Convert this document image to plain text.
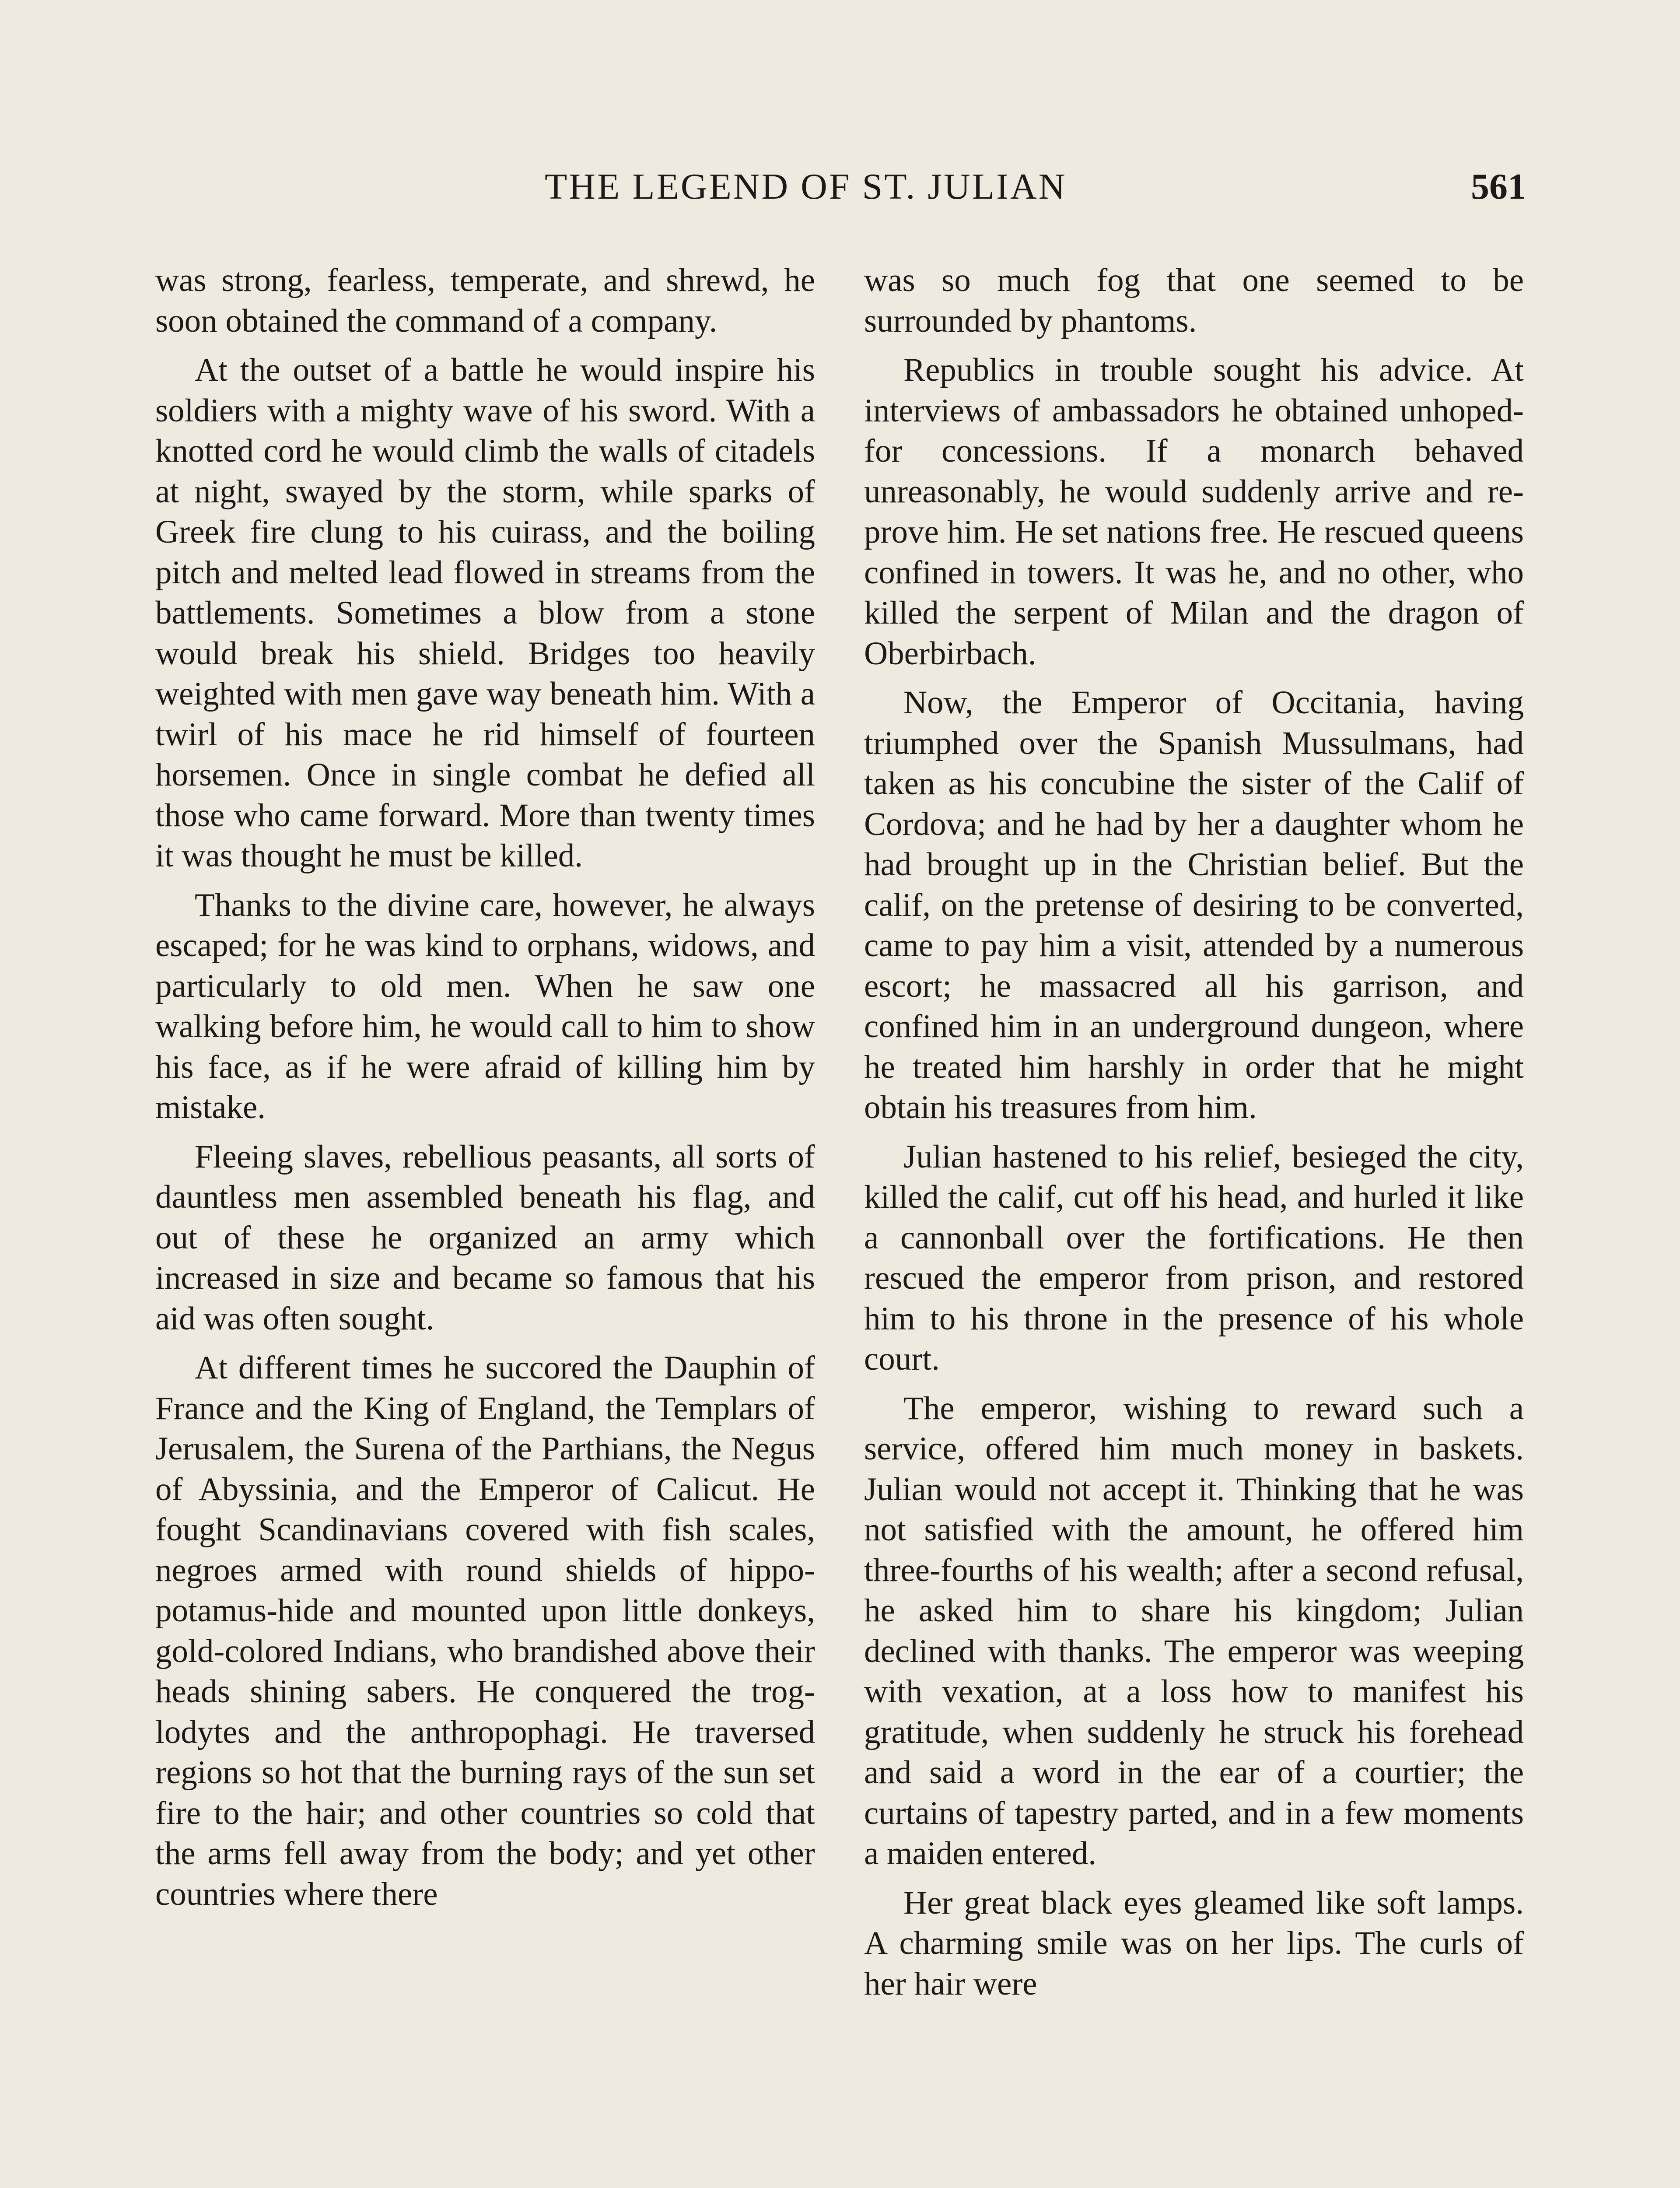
THE LEGEND OF ST. JULIAN	561

was strong, fearless, temperate, and shrewd, he soon obtained the command of a company.

At the outset of a battle he would inspire his soldiers with a mighty wave of his sword. With a knotted cord he would climb the walls of citadels at night, swayed by the storm, while sparks of Greek fire clung to his cuirass, and the boiling pitch and melted lead flowed in streams from the battlements. Sometimes a blow from a stone would break his shield. Bridges too heavily weighted with men gave way beneath him. With a twirl of his mace he rid himself of fourteen horsemen. Once in single combat he defied all those who came forward. More than twenty times it was thought he must be killed.

Thanks to the divine care, however, he always escaped; for he was kind to orphans, widows, and particularly to old men. When he saw one walking before him, he would call to him to show his face, as if he were afraid of killing him by mistake.

Fleeing slaves, rebellious peasants, all sorts of dauntless men assembled beneath his flag, and out of these he organized an army which increased in size and became so famous that his aid was often sought.

At different times he succored the Dauphin of France and the King of England, the Templars of Jerusalem, the Surena of the Parthians, the Negus of Abyssinia, and the Emperor of Calicut. He fought Scandinavians covered with fish scales, negroes armed with round shields of hippopotamus-hide and mounted upon little donkeys, gold-colored Indians, who brandished above their heads shining sabers. He conquered the troglodytes and the anthropophagi. He traversed regions so hot that the burning rays of the sun set fire to the hair; and other countries so cold that the arms fell away from the body; and yet other countries where there

was so much fog that one seemed to be surrounded by phantoms.

Republics in trouble sought his advice. At interviews of ambassadors he obtained unhoped-for concessions. If a monarch behaved unreasonably, he would suddenly arrive and reprove him. He set nations free. He rescued queens confined in towers. It was he, and no other, who killed the serpent of Milan and the dragon of Oberbirbach.

Now, the Emperor of Occitania, having triumphed over the Spanish Mussulmans, had taken as his concubine the sister of the Calif of Cordova; and he had by her a daughter whom he had brought up in the Christian belief. But the calif, on the pretense of desiring to be converted, came to pay him a visit, attended by a numerous escort; he massacred all his garrison, and confined him in an underground dungeon, where he treated him harshly in order that he might obtain his treasures from him.

Julian hastened to his relief, besieged the city, killed the calif, cut off his head, and hurled it like a cannonball over the fortifications. He then rescued the emperor from prison, and restored him to his throne in the presence of his whole court.

The emperor, wishing to reward such a service, offered him much money in baskets. Julian would not accept it. Thinking that he was not satisfied with the amount, he offered him three-fourths of his wealth; after a second refusal, he asked him to share his kingdom; Julian declined with thanks. The emperor was weeping with vexation, at a loss how to manifest his gratitude, when suddenly he struck his forehead and said a word in the ear of a courtier; the curtains of tapestry parted, and in a few moments a maiden entered.

Her great black eyes gleamed like soft lamps. A charming smile was on her lips. The curls of her hair were
